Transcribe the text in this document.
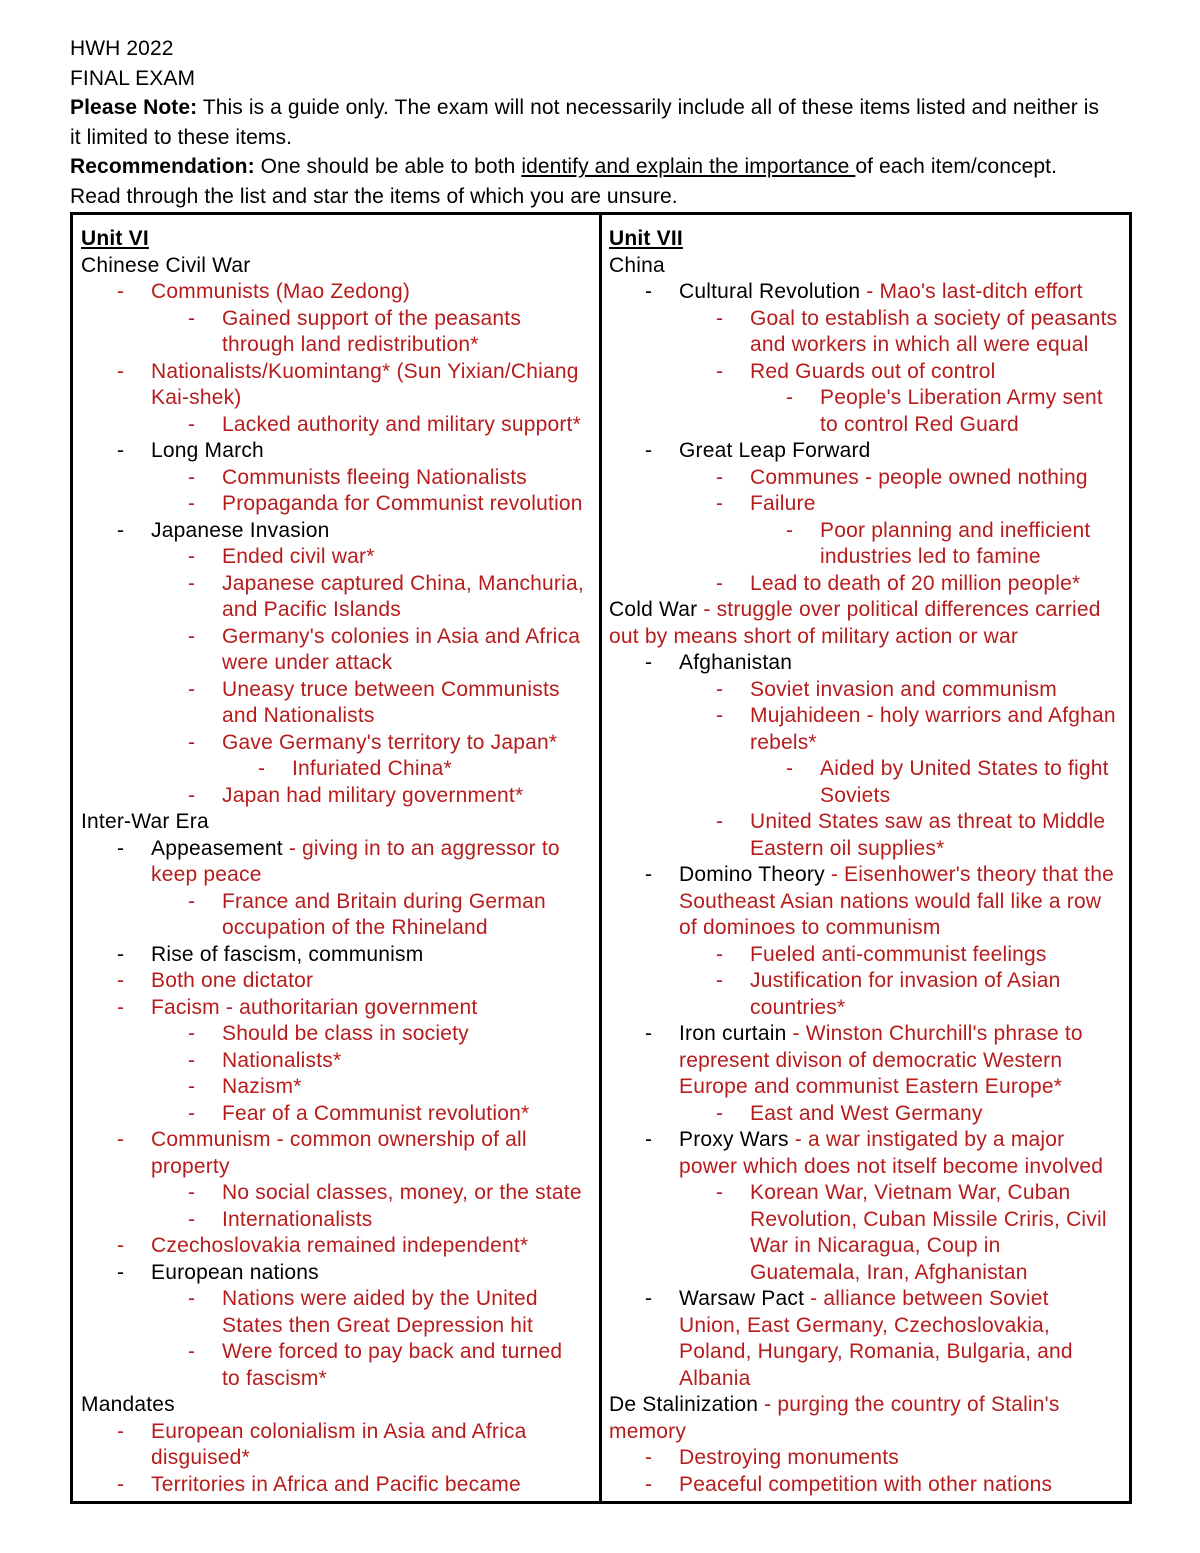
HWH 2022
FINAL EXAM
Please Note: This is a guide only. The exam will not necessarily include all of these items listed and neither is
it limited to these items.
Recommendation: One should be able to both identify and explain the importance of each item/concept.
Read through the list and star the items of which you are unsure.
Unit VI
Chinese Civil War
- Communists (Mao Zedong)
- Gained support of the peasants
through land redistribution*
- Nationalists/Kuomintang* (Sun Yixian/Chiang
Kai-shek)
- Lacked authority and military support*
- Long March
- Communists fleeing Nationalists
- Propaganda for Communist revolution
- Japanese Invasion
- Ended civil war*
- Japanese captured China, Manchuria,
and Pacific Islands
- Germany's colonies in Asia and Africa
were under attack
- Uneasy truce between Communists
and Nationalists
- Gave Germany's territory to Japan*
- Infuriated China*
- Japan had military government*
Inter-War Era
- Appeasement - giving in to an aggressor to
keep peace
- France and Britain during German
occupation of the Rhineland
- Rise of fascism, communism
- Both one dictator
- Facism - authoritarian government
- Should be class in society
- Nationalists*
- Nazism*
- Fear of a Communist revolution*
- Communism - common ownership of all
property
- No social classes, money, or the state
- Internationalists
- Czechoslovakia remained independent*
- European nations
- Nations were aided by the United
States then Great Depression hit
- Were forced to pay back and turned
to fascism*
Mandates
- European colonialism in Asia and Africa
disguised*
- Territories in Africa and Pacific became
Unit VII
China
- Cultural Revolution - Mao's last-ditch effort
- Goal to establish a society of peasants
and workers in which all were equal
- Red Guards out of control
- People's Liberation Army sent
to control Red Guard
- Great Leap Forward
- Communes - people owned nothing
- Failure
- Poor planning and inefficient
industries led to famine
- Lead to death of 20 million people*
Cold War - struggle over political differences carried
out by means short of military action or war
- Afghanistan
- Soviet invasion and communism
- Mujahideen - holy warriors and Afghan
rebels*
- Aided by United States to fight
Soviets
- United States saw as threat to Middle
Eastern oil supplies*
- Domino Theory - Eisenhower's theory that the
Southeast Asian nations would fall like a row
of dominoes to communism
- Fueled anti-communist feelings
- Justification for invasion of Asian
countries*
- Iron curtain - Winston Churchill's phrase to
represent divison of democratic Western
Europe and communist Eastern Europe*
- East and West Germany
- Proxy Wars - a war instigated by a major
power which does not itself become involved
- Korean War, Vietnam War, Cuban
Revolution, Cuban Missile Criris, Civil
War in Nicaragua, Coup in
Guatemala, Iran, Afghanistan
- Warsaw Pact - alliance between Soviet
Union, East Germany, Czechoslovakia,
Poland, Hungary, Romania, Bulgaria, and
Albania
De Stalinization - purging the country of Stalin's
memory
- Destroying monuments
- Peaceful competition with other nations
